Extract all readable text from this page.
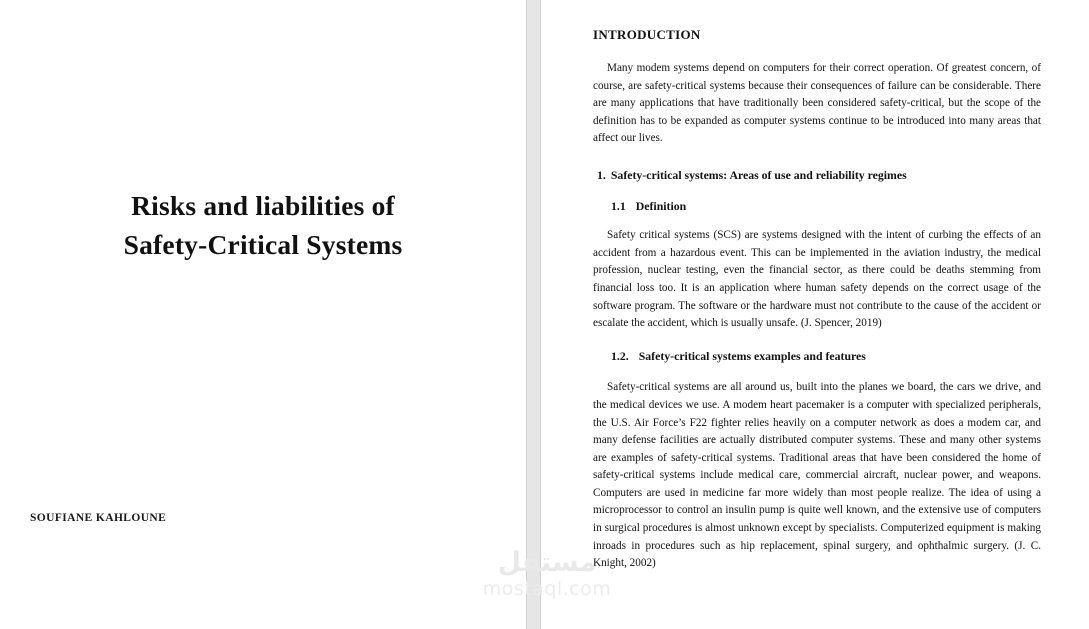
Risks and liabilities of
Safety-Critical Systems
SOUFIANE KAHLOUNE
INTRODUCTION

Many modem systems depend on computers for their correct operation. Of greatest concern, of course, are safety-critical systems because their consequences of failure can be considerable. There are many applications that have traditionally been considered safety-critical, but the scope of the definition has to be expanded as computer systems continue to be introduced into many areas that affect our lives.

1. Safety-critical systems: Areas of use and reliability regimes

1.1 Definition

Safety critical systems (SCS) are systems designed with the intent of curbing the effects of an accident from a hazardous event. This can be implemented in the aviation industry, the medical profession, nuclear testing, even the financial sector, as there could be deaths stemming from financial loss too. It is an application where human safety depends on the correct usage of the software program. The software or the hardware must not contribute to the cause of the accident or escalate the accident, which is usually unsafe. (J. Spencer, 2019)

1.2. Safety-critical systems examples and features

Safety-critical systems are all around us, built into the planes we board, the cars we drive, and the medical devices we use. A modem heart pacemaker is a computer with specialized peripherals, the U.S. Air Force’s F22 fighter relies heavily on a computer network as does a modem car, and many defense facilities are actually distributed computer systems. These and many other systems are examples of safety-critical systems. Traditional areas that have been considered the home of safety-critical systems include medical care, commercial aircraft, nuclear power, and weapons. Computers are used in medicine far more widely than most people realize. The idea of using a microprocessor to control an insulin pump is quite well known, and the extensive use of computers in surgical procedures is almost unknown except by specialists. Computerized equipment is making inroads in procedures such as hip replacement, spinal surgery, and ophthalmic surgery. (J. C. Knight, 2002)

مستقل
mostaql.com
